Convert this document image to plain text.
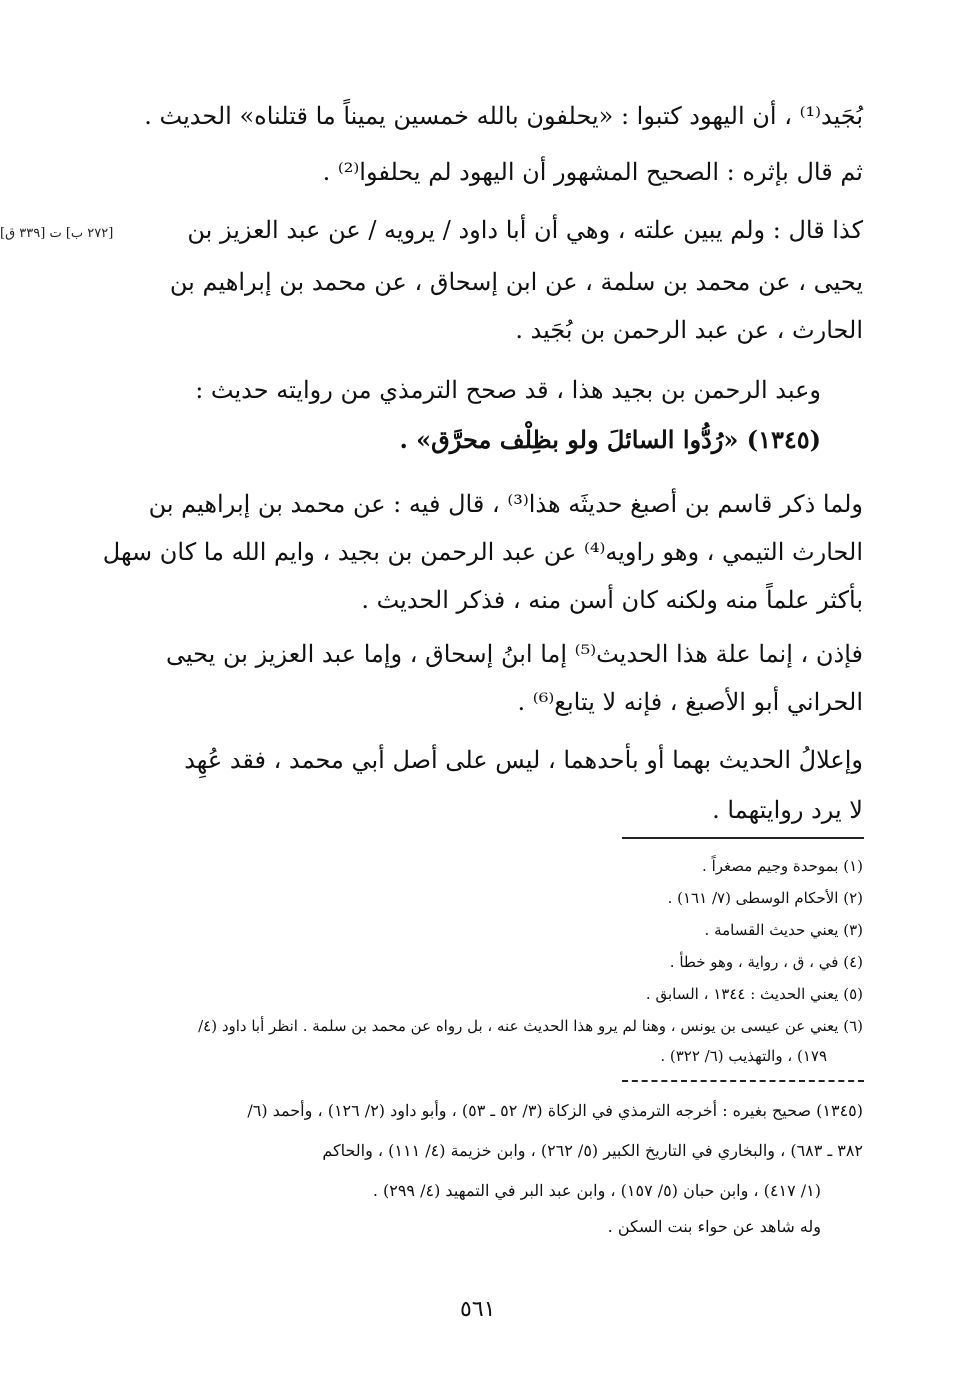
بُجَيد⁽¹⁾ ، أن اليهود كتبوا : «يحلفون بالله خمسين يميناً ما قتلناه» الحديث .
ثم قال بإثره : الصحيح المشهور أن اليهود لم يحلفوا⁽²⁾ .
كذا قال : ولم يبين علته ، وهي أن أبا داود / يرويه / عن عبد العزيز بن
[٢٧٢ ب] ت [٣٣٩ ق]
يحيى ، عن محمد بن سلمة ، عن ابن إسحاق ، عن محمد بن إبراهيم بن
الحارث ، عن عبد الرحمن بن بُجَيد .
وعبد الرحمن بن بجيد هذا ، قد صحح الترمذي من روايته حديث :
(١٣٤٥) «رُدُّوا السائلَ ولو بظِلْف محرَّق» .
ولما ذكر قاسم بن أصبغ حديثَه هذا⁽³⁾ ، قال فيه : عن محمد بن إبراهيم بن
الحارث التيمي ، وهو راويه⁽⁴⁾ عن عبد الرحمن بن بجيد ، وايم الله ما كان سهل
بأكثر علماً منه ولكنه كان أسن منه ، فذكر الحديث .
فإذن ، إنما علة هذا الحديث⁽⁵⁾ إما ابنُ إسحاق ، وإما عبد العزيز بن يحيى
الحراني أبو الأصبغ ، فإنه لا يتابع⁽⁶⁾ .
وإعلالُ الحديث بهما أو بأحدهما ، ليس على أصل أبي محمد ، فقد عُهِد
لا يرد روايتهما .
(١) بموحدة وجيم مصغراً .
(٢) الأحكام الوسطى (٧/ ١٦١) .
(٣) يعني حديث القسامة .
(٤) في ، ق ، رواية ، وهو خطأ .
(٥) يعني الحديث : ١٣٤٤ ، السابق .
(٦) يعني عن عيسى بن يونس ، وهنا لم يرو هذا الحديث عنه ، بل رواه عن محمد بن سلمة . انظر أبا داود (٤/
١٧٩) ، والتهذيب (٦/ ٣٢٢) .
(١٣٤٥) صحيح بغيره : أخرجه الترمذي في الزكاة (٣/ ٥٢ ـ ٥٣) ، وأبو داود (٢/ ١٢٦) ، وأحمد (٦/
٣٨٢ ـ ٦٨٣) ، والبخاري في التاريخ الكبير (٥/ ٢٦٢) ، وابن خزيمة (٤/ ١١١) ، والحاكم
(١/ ٤١٧) ، وابن حبان (٥/ ١٥٧) ، وابن عبد البر في التمهيد (٤/ ٢٩٩) .
وله شاهد عن حواء بنت السكن .
٥٦١
